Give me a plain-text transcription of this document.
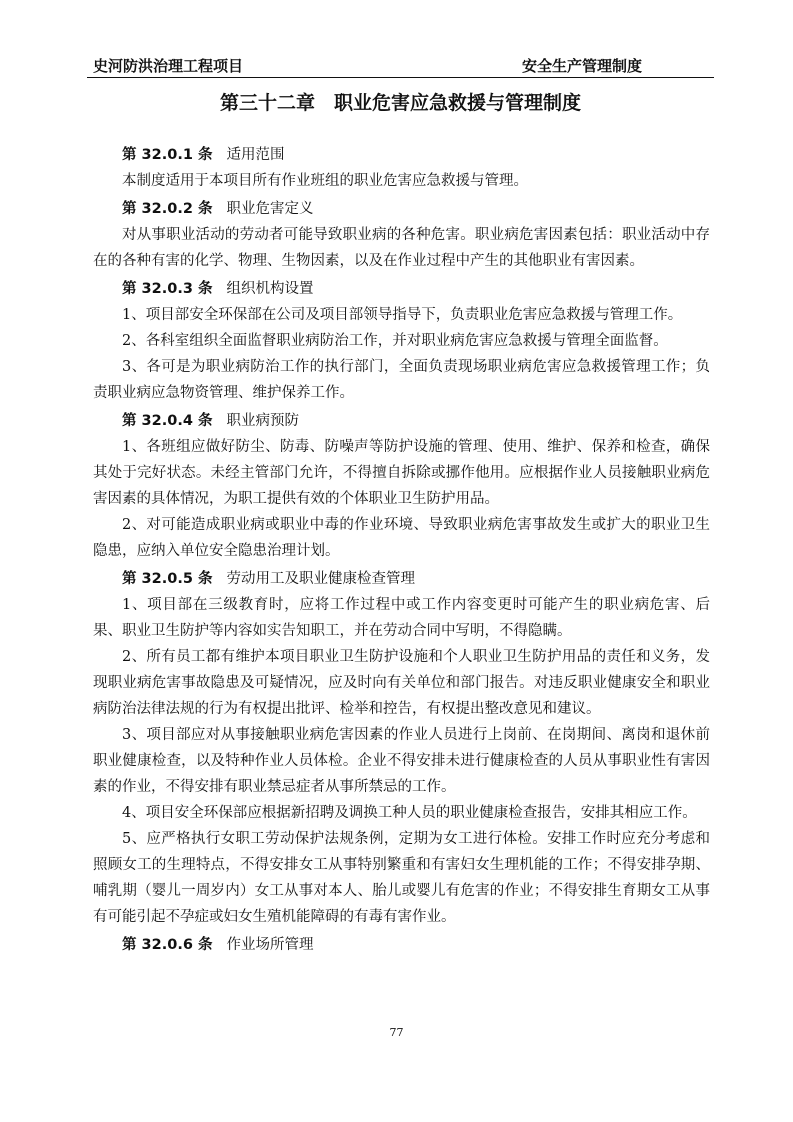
史河防洪治理工程项目	安全生产管理制度
第三十二章　职业危害应急救援与管理制度
第 32.0.1 条 适用范围

本制度适用于本项目所有作业班组的职业危害应急救援与管理。

第 32.0.2 条 职业危害定义

对从事职业活动的劳动者可能导致职业病的各种危害。职业病危害因素包括：职业活动中存在的各种有害的化学、物理、生物因素，以及在作业过程中产生的其他职业有害因素。

第 32.0.3 条 组织机构设置

1、项目部安全环保部在公司及项目部领导指导下，负责职业危害应急救援与管理工作。

2、各科室组织全面监督职业病防治工作，并对职业病危害应急救援与管理全面监督。

3、各可是为职业病防治工作的执行部门，全面负责现场职业病危害应急救援管理工作；负责职业病应急物资管理、维护保养工作。

第 32.0.4 条 职业病预防

1、各班组应做好防尘、防毒、防噪声等防护设施的管理、使用、维护、保养和检查，确保其处于完好状态。未经主管部门允许，不得擅自拆除或挪作他用。应根据作业人员接触职业病危害因素的具体情况，为职工提供有效的个体职业卫生防护用品。

2、对可能造成职业病或职业中毒的作业环境、导致职业病危害事故发生或扩大的职业卫生隐患，应纳入单位安全隐患治理计划。

第 32.0.5 条 劳动用工及职业健康检查管理

1、项目部在三级教育时，应将工作过程中或工作内容变更时可能产生的职业病危害、后果、职业卫生防护等内容如实告知职工，并在劳动合同中写明，不得隐瞒。

2、所有员工都有维护本项目职业卫生防护设施和个人职业卫生防护用品的责任和义务，发现职业病危害事故隐患及可疑情况，应及时向有关单位和部门报告。对违反职业健康安全和职业病防治法律法规的行为有权提出批评、检举和控告，有权提出整改意见和建议。

3、项目部应对从事接触职业病危害因素的作业人员进行上岗前、在岗期间、离岗和退休前职业健康检查，以及特种作业人员体检。企业不得安排未进行健康检查的人员从事职业性有害因素的作业，不得安排有职业禁忌症者从事所禁忌的工作。

4、项目安全环保部应根据新招聘及调换工种人员的职业健康检查报告，安排其相应工作。

5、应严格执行女职工劳动保护法规条例，定期为女工进行体检。安排工作时应充分考虑和照顾女工的生理特点，不得安排女工从事特别繁重和有害妇女生理机能的工作；不得安排孕期、哺乳期（婴儿一周岁内）女工从事对本人、胎儿或婴儿有危害的作业；不得安排生育期女工从事有可能引起不孕症或妇女生殖机能障碍的有毒有害作业。

第 32.0.6 条 作业场所管理
77
